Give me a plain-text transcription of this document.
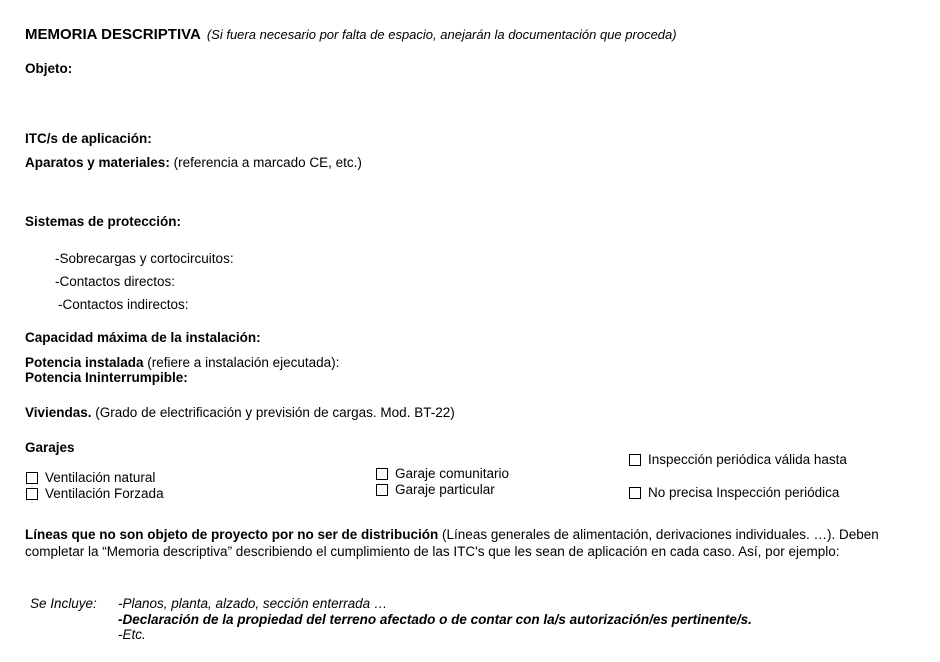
MEMORIA DESCRIPTIVA (Si fuera necesario por falta de espacio, anejarán la documentación que proceda)
Objeto:
ITC/s de aplicación:
Aparatos y materiales: (referencia a marcado CE, etc.)
Sistemas de protección:
-Sobrecargas y cortocircuitos:
-Contactos directos:
-Contactos indirectos:
Capacidad máxima de la instalación:
Potencia instalada (refiere a instalación ejecutada):
Potencia Ininterrumpible:
Viviendas. (Grado de electrificación y previsión de cargas. Mod. BT-22)
Garajes
Ventilación natural
Ventilación Forzada
Garaje comunitario
Garaje particular
Inspección periódica válida hasta
No precisa Inspección periódica
Líneas que no son objeto de proyecto por no ser de distribución (Líneas generales de alimentación, derivaciones individuales. …). Deben completar la “Memoria descriptiva” describiendo el cumplimiento de las ITC's que les sean de aplicación en cada caso. Así, por ejemplo:
Se Incluye:	-Planos, planta, alzado, sección enterrada …
-Declaración de la propiedad del terreno afectado o de contar con la/s autorización/es pertinente/s.
-Etc.
